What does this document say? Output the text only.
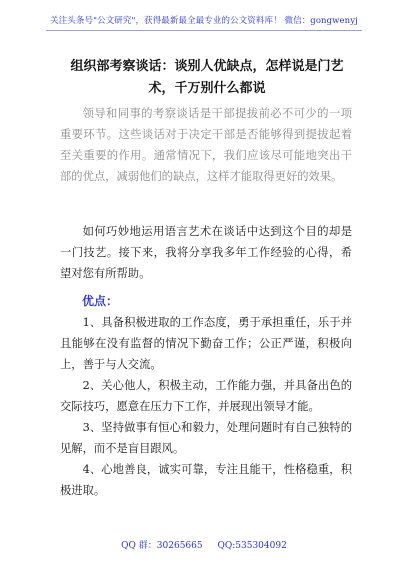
关注头条号"公文研究"，获得最新最全最专业的公文资料库！ 微信：gongwenyj
组织部考察谈话：谈别人优缺点，怎样说是门艺术，千万别什么都说
领导和同事的考察谈话是干部提拔前必不可少的一项重要环节。这些谈话对于决定干部是否能够得到提拔起着至关重要的作用。通常情况下，我们应该尽可能地突出干部的优点，减弱他们的缺点，这样才能取得更好的效果。
如何巧妙地运用语言艺术在谈话中达到这个目的却是一门技艺。接下来，我将分享我多年工作经验的心得，希望对您有所帮助。
优点：
1、具备积极进取的工作态度，勇于承担重任，乐于并且能够在没有监督的情况下勤奋工作；公正严谨，积极向上，善于与人交流。
2、关心他人，积极主动，工作能力强，并具备出色的交际技巧，愿意在压力下工作，并展现出领导才能。
3、坚持做事有恒心和毅力，处理问题时有自己独特的见解，而不是盲目跟风。
4、心地善良，诚实可靠，专注且能干，性格稳重，积极进取。
QQ 群：30265665 QQ:535304092
